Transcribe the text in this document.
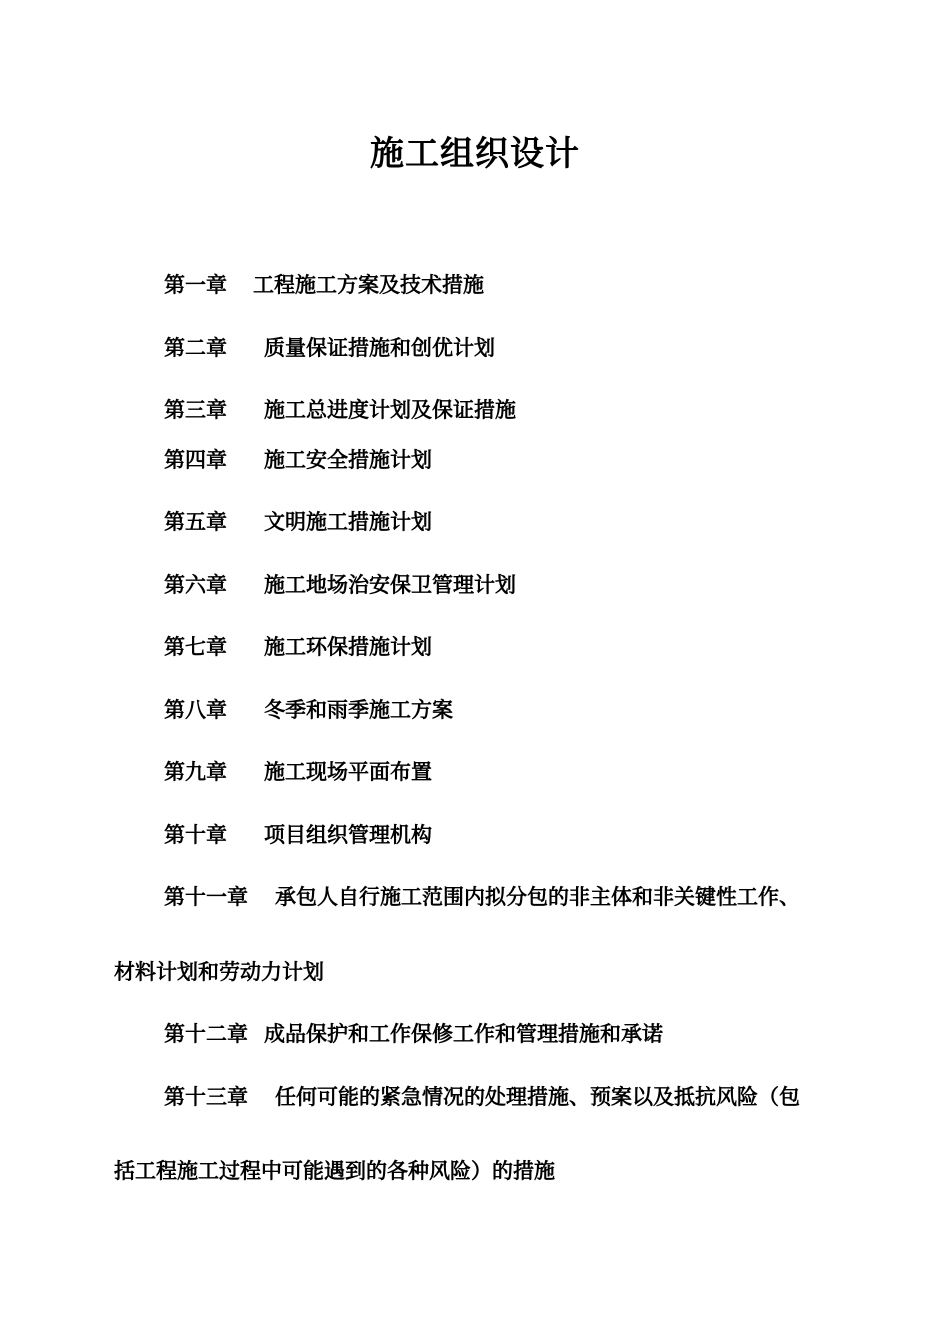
施工组织设计
第一章 工程施工方案及技术措施
第二章 质量保证措施和创优计划
第三章 施工总进度计划及保证措施
第四章 施工安全措施计划
第五章 文明施工措施计划
第六章 施工地场治安保卫管理计划
第七章 施工环保措施计划
第八章 冬季和雨季施工方案
第九章 施工现场平面布置
第十章 项目组织管理机构
第十一章 承包人自行施工范围内拟分包的非主体和非关键性工作、
材料计划和劳动力计划
第十二章 成品保护和工作保修工作和管理措施和承诺
第十三章 任何可能的紧急情况的处理措施、预案以及抵抗风险（包
括工程施工过程中可能遇到的各种风险）的措施
